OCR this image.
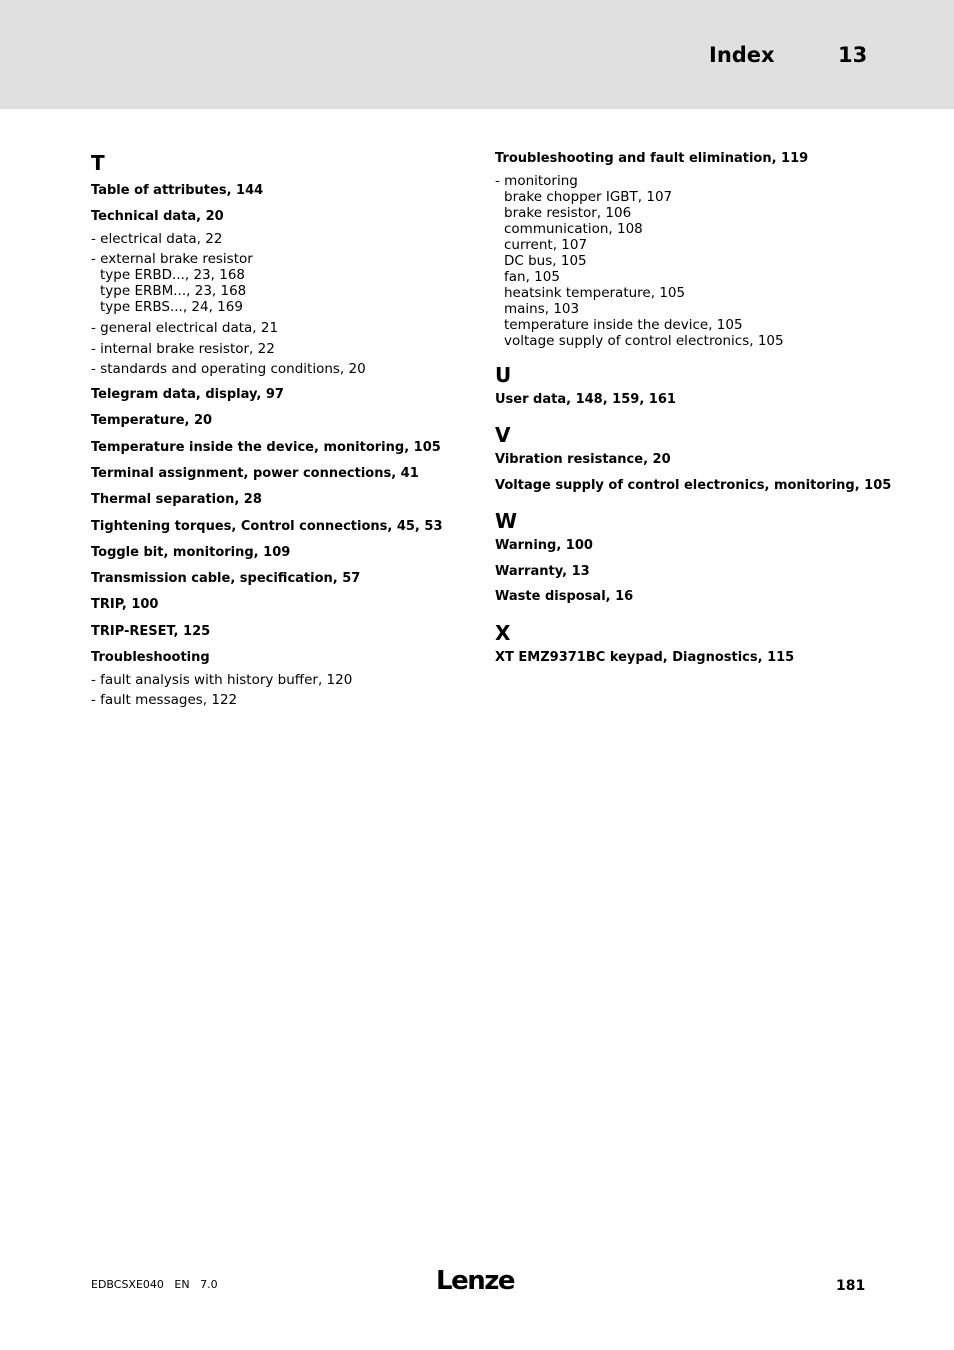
Index	13
T
Table of attributes, 144
Technical data, 20
- electrical data, 22
- external brake resistor
type ERBD..., 23, 168
type ERBM..., 23, 168
type ERBS..., 24, 169
- general electrical data, 21
- internal brake resistor, 22
- standards and operating conditions, 20
Telegram data, display, 97
Temperature, 20
Temperature inside the device, monitoring, 105
Terminal assignment, power connections, 41
Thermal separation, 28
Tightening torques, Control connections, 45, 53
Toggle bit, monitoring, 109
Transmission cable, specification, 57
TRIP, 100
TRIP-RESET, 125
Troubleshooting
- fault analysis with history buffer, 120
- fault messages, 122
Troubleshooting and fault elimination, 119
- monitoring
brake chopper IGBT, 107
brake resistor, 106
communication, 108
current, 107
DC bus, 105
fan, 105
heatsink temperature, 105
mains, 103
temperature inside the device, 105
voltage supply of control electronics, 105
U
User data, 148, 159, 161
V
Vibration resistance, 20
Voltage supply of control electronics, monitoring, 105
W
Warning, 100
Warranty, 13
Waste disposal, 16
X
XT EMZ9371BC keypad, Diagnostics, 115
EDBCSXE040   EN   7.0	Lenze	181
